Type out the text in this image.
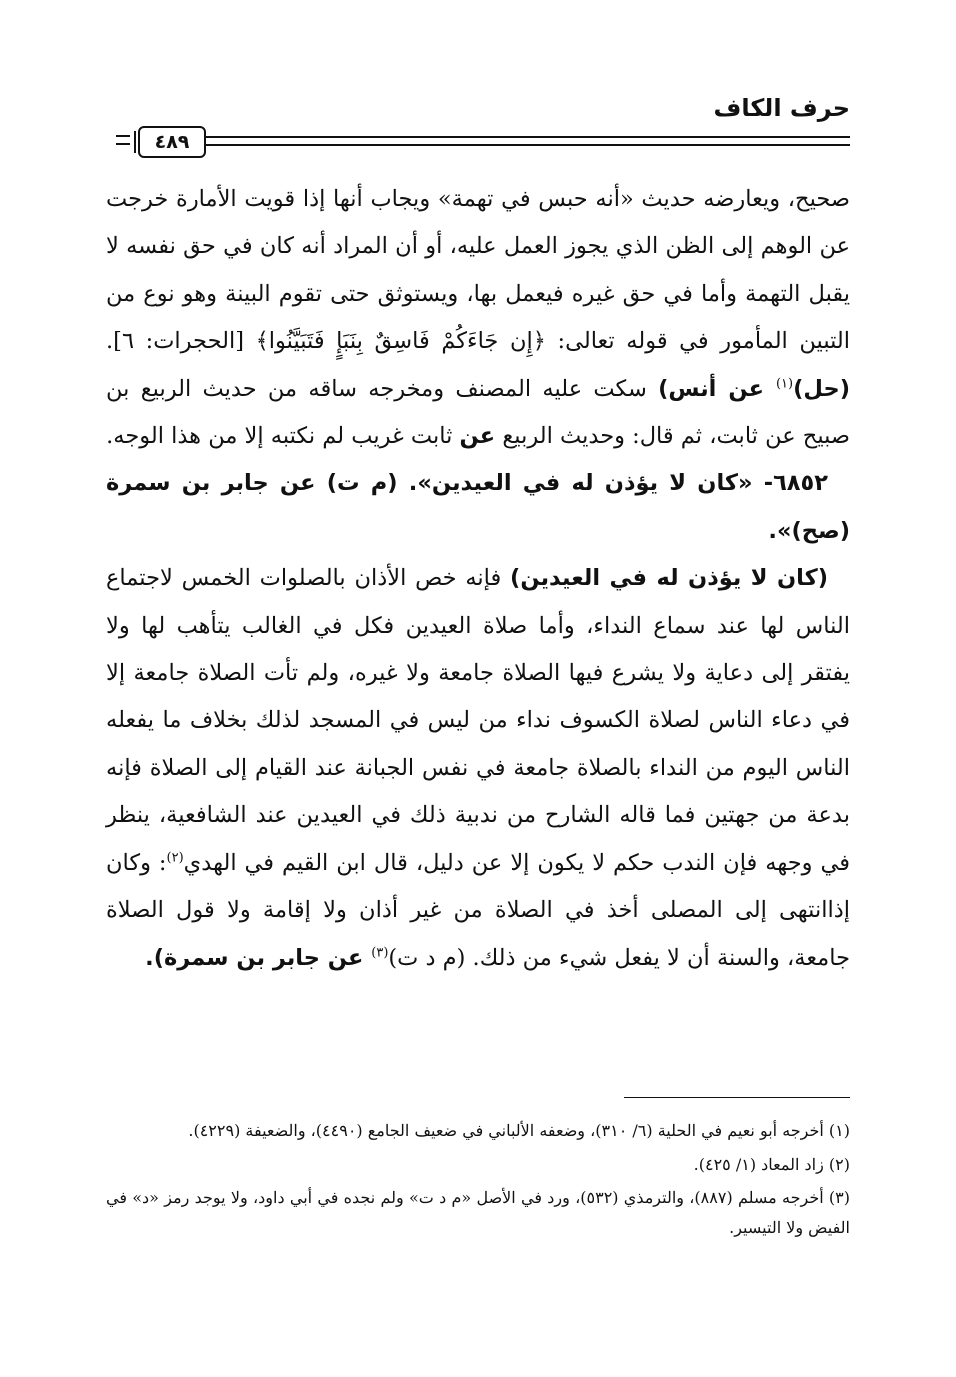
حرف الكاف
٤٨٩

صحيح، ويعارضه حديث «أنه حبس في تهمة» ويجاب أنها إذا قويت الأمارة خرجت عن الوهم إلى الظن الذي يجوز العمل عليه، أو أن المراد أنه كان في حق نفسه لا يقبل التهمة وأما في حق غيره فيعمل بها، ويستوثق حتى تقوم البينة وهو نوع من التبين المأمور في قوله تعالى: ﴿إِن جَاءَكُمْ فَاسِقٌ بِنَبَإٍ فَتَبَيَّنُوا﴾ [الحجرات: ٦]. (حل)$^{(١)}$ عن أنس) سكت عليه المصنف ومخرجه ساقه من حديث الربيع بن صبيح عن ثابت، ثم قال: وحديث الربيع عن ثابت غريب لم نكتبه إلا من هذا الوجه.

٦٨٥٢- «كان لا يؤذن له في العيدين». (م ت) عن جابر بن سمرة (صح)».

(كان لا يؤذن له في العيدين) فإنه خص الأذان بالصلوات الخمس لاجتماع الناس لها عند سماع النداء، وأما صلاة العيدين فكل في الغالب يتأهب لها ولا يفتقر إلى دعاية ولا يشرع فيها الصلاة جامعة ولا غيره، ولم تأت الصلاة جامعة إلا في دعاء الناس لصلاة الكسوف نداء من ليس في المسجد لذلك بخلاف ما يفعله الناس اليوم من النداء بالصلاة جامعة في نفس الجبانة عند القيام إلى الصلاة فإنه بدعة من جهتين فما قاله الشارح من ندبية ذلك في العيدين عند الشافعية، ينظر في وجهه فإن الندب حكم لا يكون إلا عن دليل، قال ابن القيم في الهدي$^{(٢)}$: وكان إذاانتهى إلى المصلى أخذ في الصلاة من غير أذان ولا إقامة ولا قول الصلاة جامعة، والسنة أن لا يفعل شيء من ذلك. (م د ت)$^{(٣)}$ عن جابر بن سمرة).

(١) أخرجه أبو نعيم في الحلية (٦/ ٣١٠)، وضعفه الألباني في ضعيف الجامع (٤٤٩٠)، والضعيفة (٤٢٢٩).

(٢) زاد المعاد (١/ ٤٢٥).

(٣) أخرجه مسلم (٨٨٧)، والترمذي (٥٣٢)، ورد في الأصل «م د ت» ولم نجده في أبي داود، ولا يوجد رمز «د» في الفيض ولا التيسير.
